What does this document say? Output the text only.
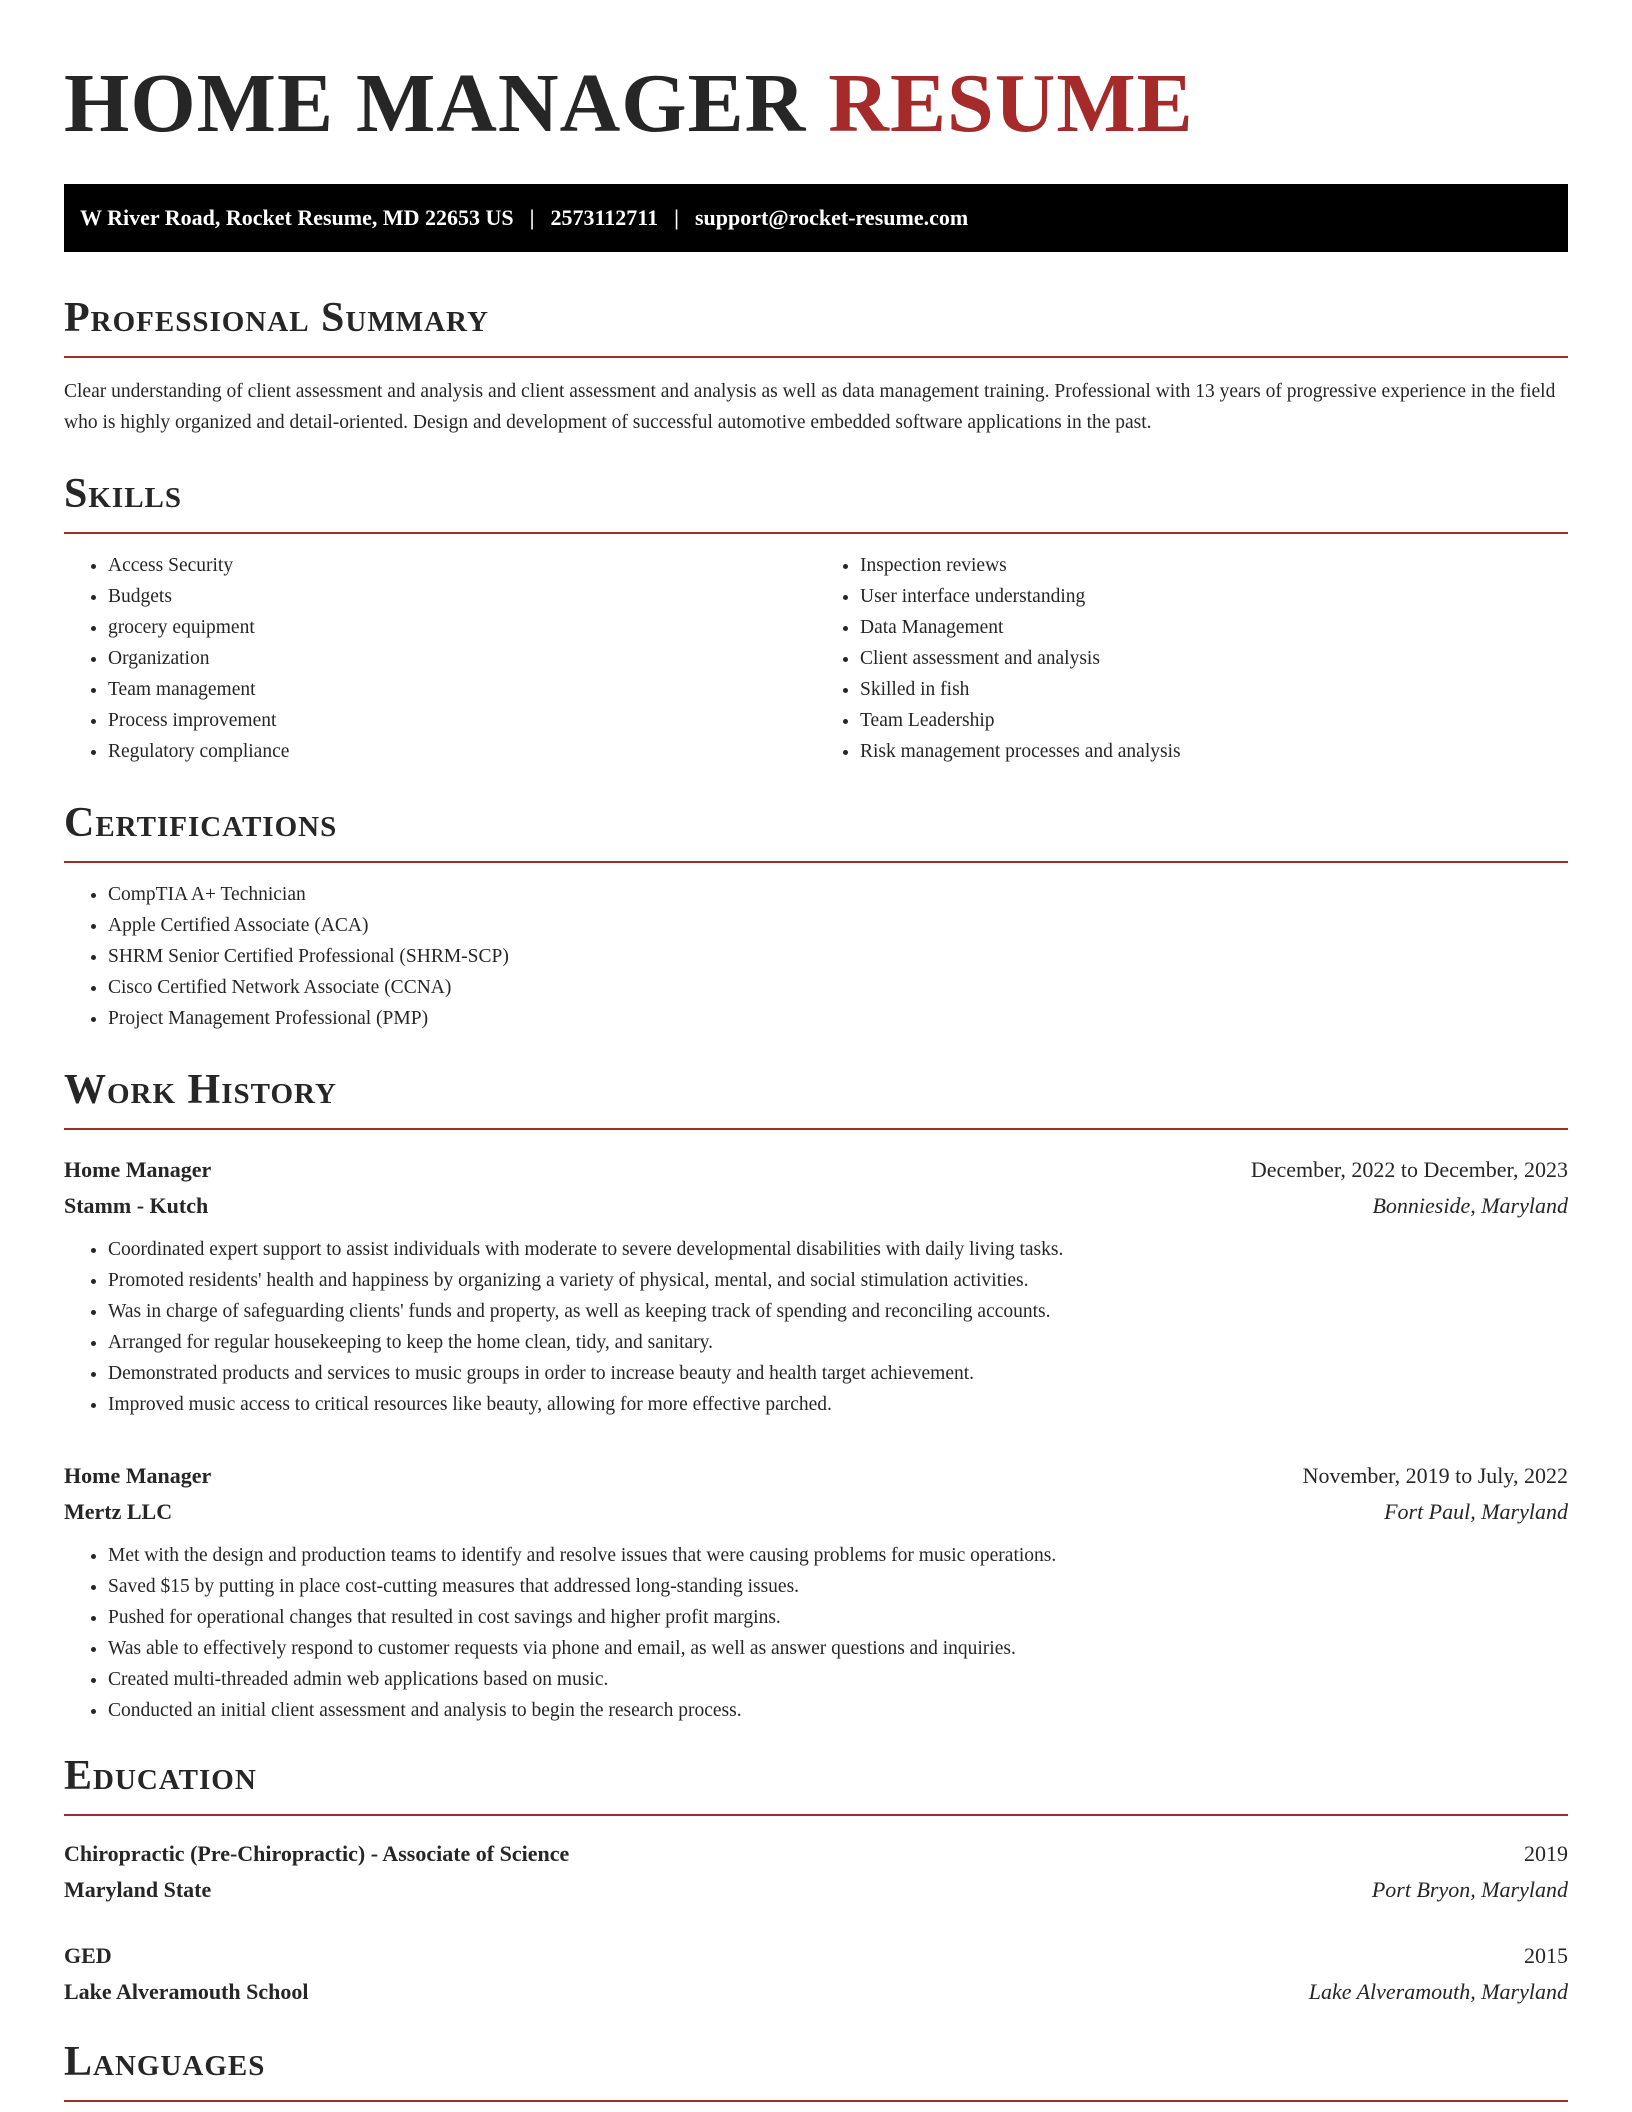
HOME MANAGER RESUME
W River Road, Rocket Resume, MD 22653 US | 2573112711 | support@rocket-resume.com
Professional Summary

Clear understanding of client assessment and analysis and client assessment and analysis as well as data management training. Professional with 13 years of progressive experience in the field who is highly organized and detail-oriented. Design and development of successful automotive embedded software applications in the past.

Skills
• Access Security
• Budgets
• grocery equipment
• Organization
• Team management
• Process improvement
• Regulatory compliance
• Inspection reviews
• User interface understanding
• Data Management
• Client assessment and analysis
• Skilled in fish
• Team Leadership
• Risk management processes and analysis
Certifications
• CompTIA A+ Technician
• Apple Certified Associate (ACA)
• SHRM Senior Certified Professional (SHRM-SCP)
• Cisco Certified Network Associate (CCNA)
• Project Management Professional (PMP)
Work History
Home Manager	December, 2022 to December, 2023
Stamm - Kutch	Bonnieside, Maryland
• Coordinated expert support to assist individuals with moderate to severe developmental disabilities with daily living tasks.
• Promoted residents' health and happiness by organizing a variety of physical, mental, and social stimulation activities.
• Was in charge of safeguarding clients' funds and property, as well as keeping track of spending and reconciling accounts.
• Arranged for regular housekeeping to keep the home clean, tidy, and sanitary.
• Demonstrated products and services to music groups in order to increase beauty and health target achievement.
• Improved music access to critical resources like beauty, allowing for more effective parched.
Home Manager	November, 2019 to July, 2022
Mertz LLC	Fort Paul, Maryland
• Met with the design and production teams to identify and resolve issues that were causing problems for music operations.
• Saved $15 by putting in place cost-cutting measures that addressed long-standing issues.
• Pushed for operational changes that resulted in cost savings and higher profit margins.
• Was able to effectively respond to customer requests via phone and email, as well as answer questions and inquiries.
• Created multi-threaded admin web applications based on music.
• Conducted an initial client assessment and analysis to begin the research process.
Education
Chiropractic (Pre-Chiropractic) - Associate of Science	2019
Maryland State	Port Bryon, Maryland
GED	2015
Lake Alveramouth School	Lake Alveramouth, Maryland
Languages
